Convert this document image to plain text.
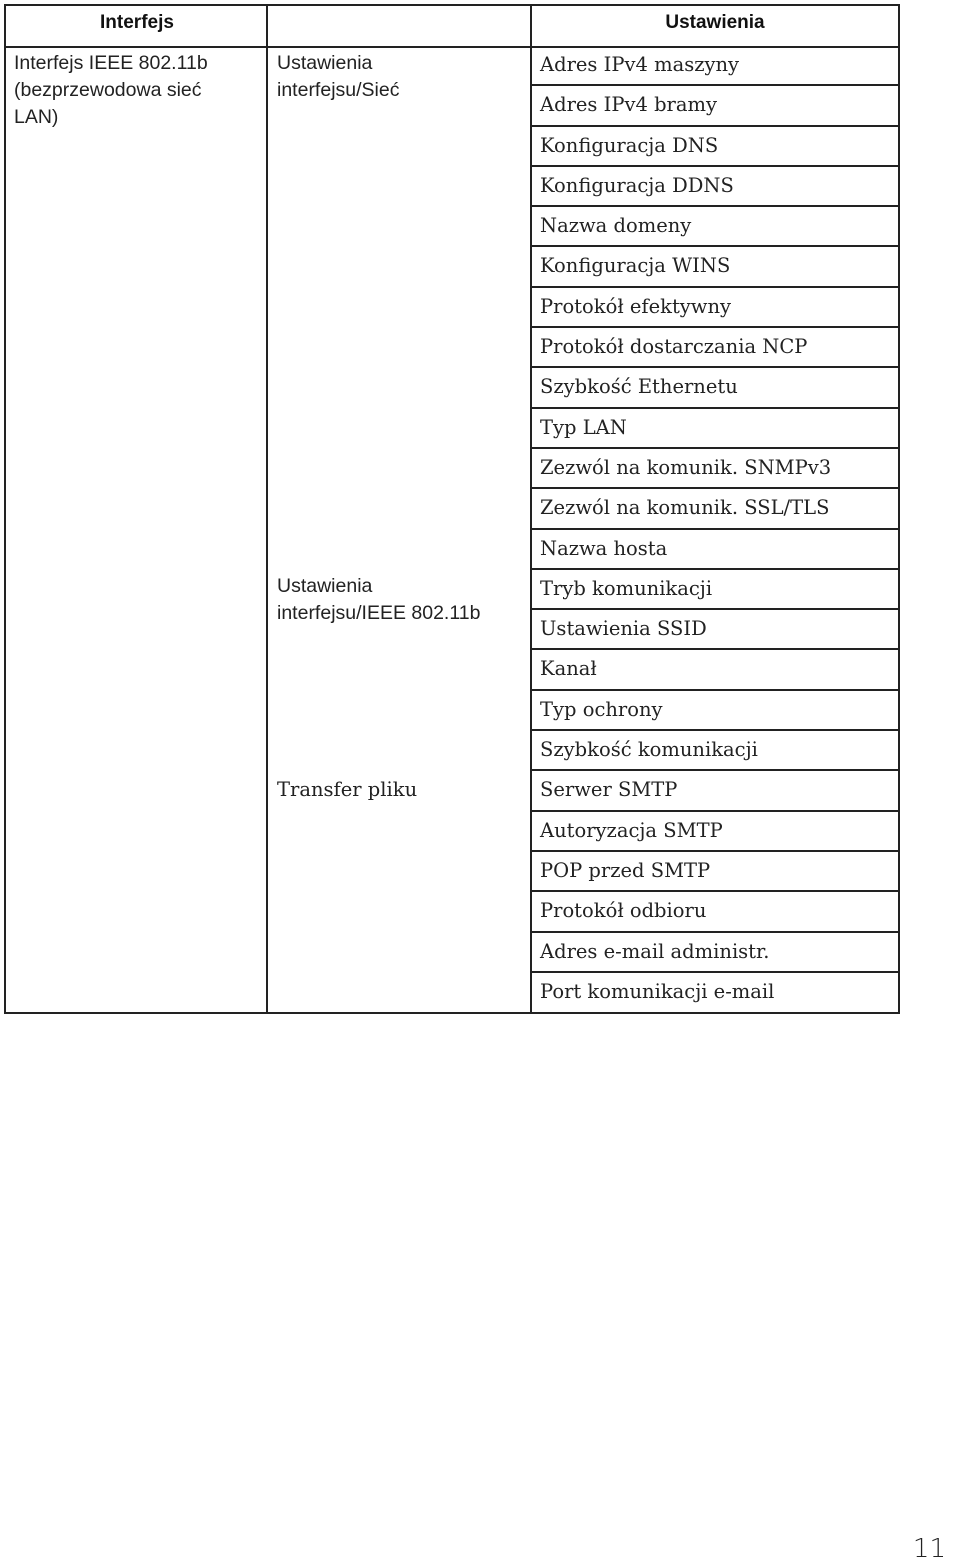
Interfejs
Interfejs IEEE 802.11b
(bezprzewodowa sieć
LAN)
Ustawienia
interfejsu/Sieć
Ustawienia
interfejsu/IEEE 802.11b
Transfer pliku
Ustawienia
Adres IPv4 maszyny
Adres IPv4 bramy
Konfiguracja DNS
Konfiguracja DDNS
Nazwa domeny
Konfiguracja WINS
Protokół efektywny
Protokół dostarczania NCP
Szybkość Ethernetu
Typ LAN
Zezwól na komunik. SNMPv3
Zezwól na komunik. SSL/TLS
Nazwa hosta
Tryb komunikacji
Ustawienia SSID
Kanał
Typ ochrony
Szybkość komunikacji
Serwer SMTP
Autoryzacja SMTP
POP przed SMTP
Protokół odbioru
Adres e-mail administr.
Port komunikacji e-mail
11
